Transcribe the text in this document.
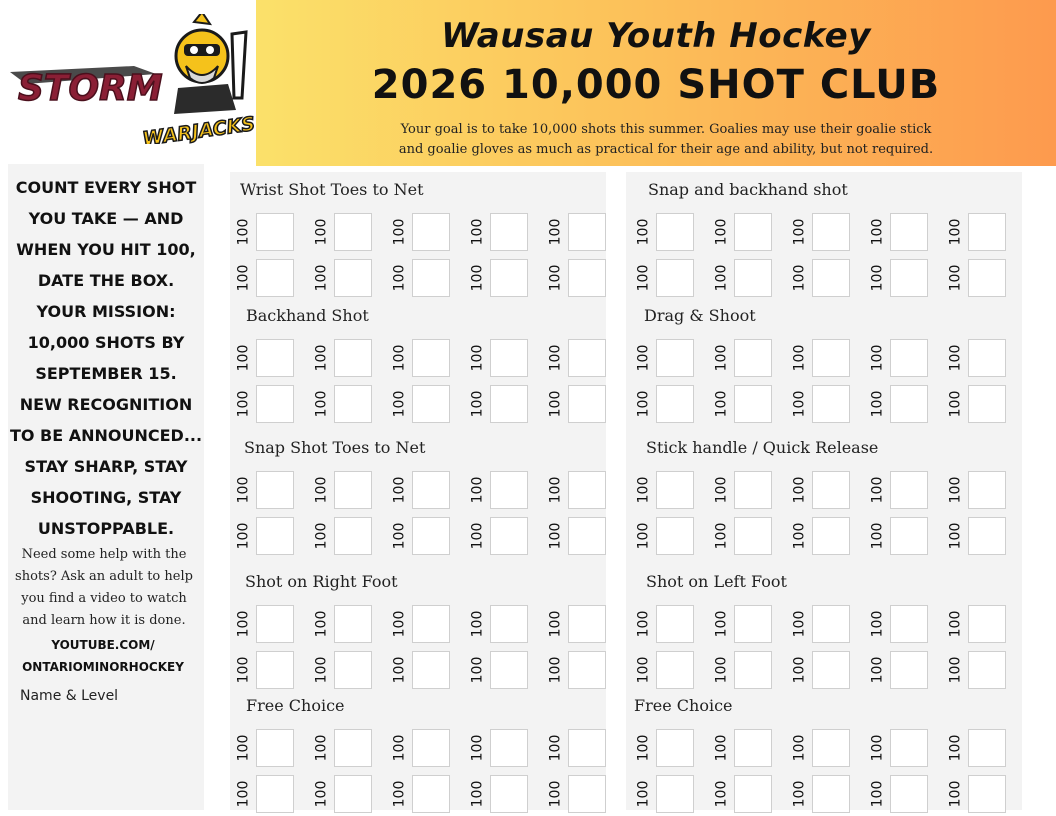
STORM
WARJACKS
Wausau Youth Hockey
2026 10,000 SHOT CLUB
Your goal is to take 10,000 shots this summer. Goalies may use their goalie stick
and goalie gloves as much as practical for their age and ability, but not required.
COUNT EVERY SHOT
YOU TAKE — AND
WHEN YOU HIT 100,
DATE THE BOX.
YOUR MISSION:
10,000 SHOTS BY
SEPTEMBER 15.
NEW RECOGNITION
TO BE ANNOUNCED...
STAY SHARP, STAY
SHOOTING, STAY
UNSTOPPABLE.
Need some help with the
shots? Ask an adult to help
you find a video to watch
and learn how it is done.
YOUTUBE.COM/
ONTARIOMINORHOCKEY
Name & Level
Wrist Shot Toes to Net
100	100	100	100	100
100	100	100	100	100
Backhand Shot
100	100	100	100	100
100	100	100	100	100
Snap Shot Toes to Net
100	100	100	100	100
100	100	100	100	100
Shot on Right Foot
100	100	100	100	100
100	100	100	100	100
Free Choice
100	100	100	100	100
100	100	100	100	100
Snap and backhand shot
100	100	100	100	100
100	100	100	100	100
Drag & Shoot
100	100	100	100	100
100	100	100	100	100
Stick handle / Quick Release
100	100	100	100	100
100	100	100	100	100
Shot on Left Foot
100	100	100	100	100
100	100	100	100	100
Free Choice
100	100	100	100	100
100	100	100	100	100
